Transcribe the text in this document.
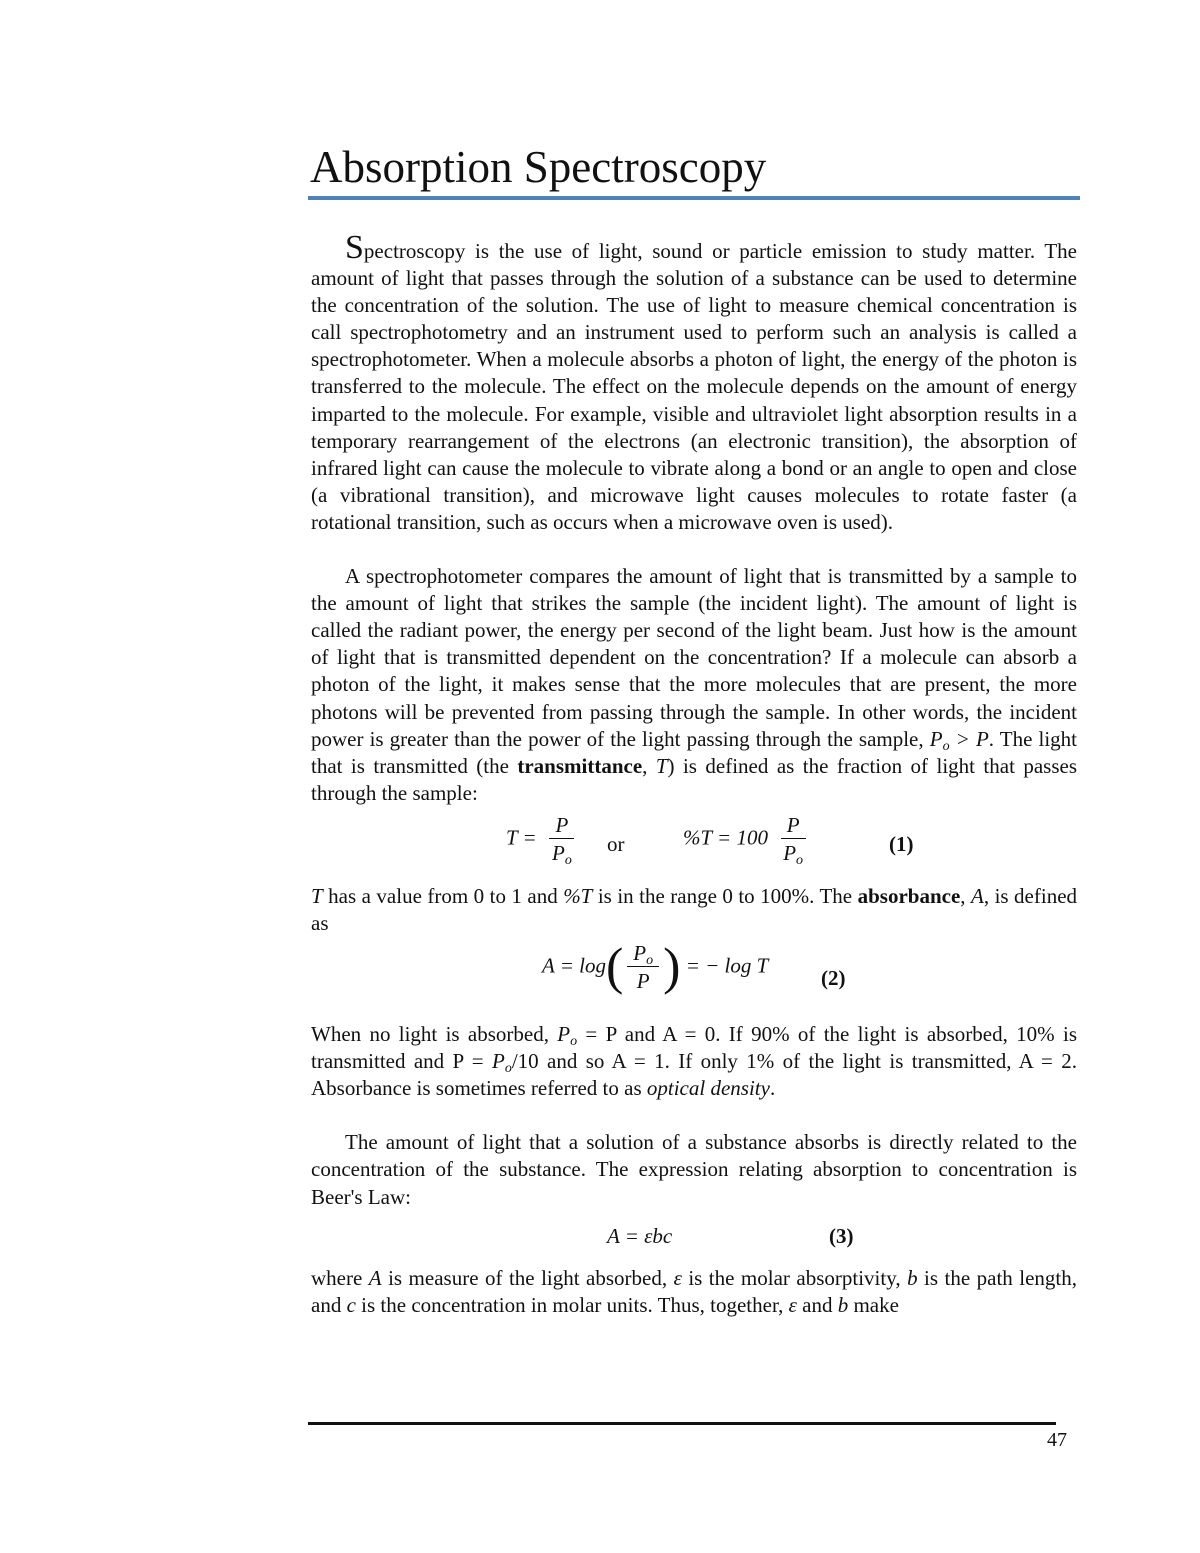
Absorption Spectroscopy

Spectroscopy is the use of light, sound or particle emission to study matter. The amount of light that passes through the solution of a substance can be used to determine the concentration of the solution. The use of light to measure chemical concentration is call spectrophotometry and an instrument used to perform such an analysis is called a spectrophotometer. When a molecule absorbs a photon of light, the energy of the photon is transferred to the molecule. The effect on the molecule depends on the amount of energy imparted to the molecule. For example, visible and ultraviolet light absorption results in a temporary rearrangement of the electrons (an electronic transition), the absorption of infrared light can cause the molecule to vibrate along a bond or an angle to open and close (a vibrational transition), and microwave light causes molecules to rotate faster (a rotational transition, such as occurs when a microwave oven is used).

A spectrophotometer compares the amount of light that is transmitted by a sample to the amount of light that strikes the sample (the incident light). The amount of light is called the radiant power, the energy per second of the light beam. Just how is the amount of light that is transmitted dependent on the concentration? If a molecule can absorb a photon of the light, it makes sense that the more molecules that are present, the more photons will be prevented from passing through the sample. In other words, the incident power is greater than the power of the light passing through the sample, $P_o > P$. The light that is transmitted (the transmittance, T) is defined as the fraction of light that passes through the sample:

$T = \frac{P}{P_o}$ or	$\%T = 100 \frac{P}{P_o}$	(1)

T has a value from 0 to 1 and %T is in the range 0 to 100%. The absorbance, A, is defined as

$A = \log( \frac{P_o}{P}$ ) = − log T
(2)

When no light is absorbed, $P_o = P$ and A = 0. If 90% of the light is absorbed, 10% is transmitted and $P = P_o/10$ and so A = 1. If only 1% of the light is transmitted, A = 2. Absorbance is sometimes referred to as optical density.

The amount of light that a solution of a substance absorbs is directly related to the concentration of the substance. The expression relating absorption to concentration is Beer's Law:

A = εbc	(3)

where A is measure of the light absorbed, ε is the molar absorptivity, b is the path length, and c is the concentration in molar units. Thus, together, ε and b make

47
